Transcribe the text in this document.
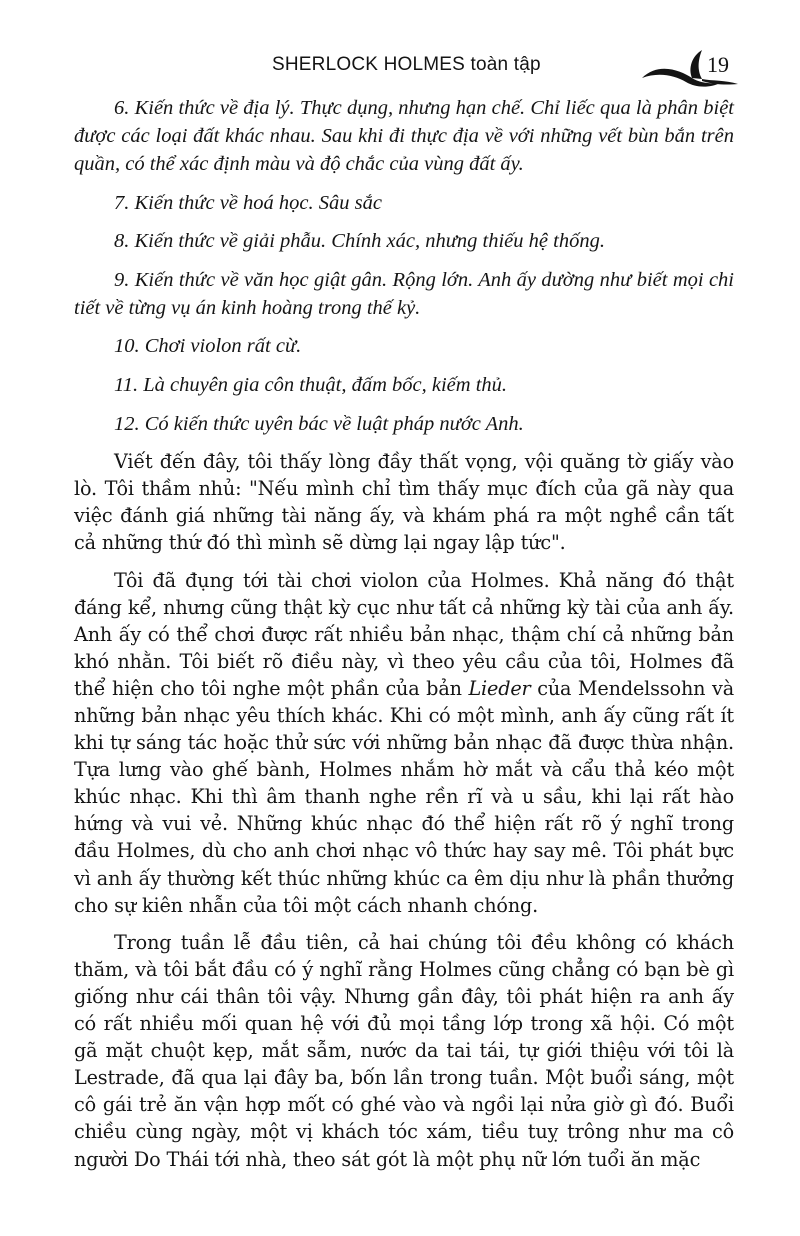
SHERLOCK HOLMES toàn tập	19
6. Kiến thức về địa lý. Thực dụng, nhưng hạn chế. Chỉ liếc qua là phân biệt được các loại đất khác nhau. Sau khi đi thực địa về với những vết bùn bắn trên quần, có thể xác định màu và độ chắc của vùng đất ấy.
7. Kiến thức về hoá học. Sâu sắc
8. Kiến thức về giải phẫu. Chính xác, nhưng thiếu hệ thống.
9. Kiến thức về văn học giật gân. Rộng lớn. Anh ấy dường như biết mọi chi tiết về từng vụ án kinh hoàng trong thế kỷ.
10. Chơi violon rất cừ.
11. Là chuyên gia côn thuật, đấm bốc, kiếm thủ.
12. Có kiến thức uyên bác về luật pháp nước Anh.

Viết đến đây, tôi thấy lòng đầy thất vọng, vội quăng tờ giấy vào lò. Tôi thầm nhủ: "Nếu mình chỉ tìm thấy mục đích của gã này qua việc đánh giá những tài năng ấy, và khám phá ra một nghề cần tất cả những thứ đó thì mình sẽ dừng lại ngay lập tức".

Tôi đã đụng tới tài chơi violon của Holmes. Khả năng đó thật đáng kể, nhưng cũng thật kỳ cục như tất cả những kỳ tài của anh ấy. Anh ấy có thể chơi được rất nhiều bản nhạc, thậm chí cả những bản khó nhằn. Tôi biết rõ điều này, vì theo yêu cầu của tôi, Holmes đã thể hiện cho tôi nghe một phần của bản Lieder của Mendelssohn và những bản nhạc yêu thích khác. Khi có một mình, anh ấy cũng rất ít khi tự sáng tác hoặc thử sức với những bản nhạc đã được thừa nhận. Tựa lưng vào ghế bành, Holmes nhắm hờ mắt và cẩu thả kéo một khúc nhạc. Khi thì âm thanh nghe rền rĩ và u sầu, khi lại rất hào hứng và vui vẻ. Những khúc nhạc đó thể hiện rất rõ ý nghĩ trong đầu Holmes, dù cho anh chơi nhạc vô thức hay say mê. Tôi phát bực vì anh ấy thường kết thúc những khúc ca êm dịu như là phần thưởng cho sự kiên nhẫn của tôi một cách nhanh chóng.

Trong tuần lễ đầu tiên, cả hai chúng tôi đều không có khách thăm, và tôi bắt đầu có ý nghĩ rằng Holmes cũng chẳng có bạn bè gì giống như cái thân tôi vậy. Nhưng gần đây, tôi phát hiện ra anh ấy có rất nhiều mối quan hệ với đủ mọi tầng lớp trong xã hội. Có một gã mặt chuột kẹp, mắt sẫm, nước da tai tái, tự giới thiệu với tôi là Lestrade, đã qua lại đây ba, bốn lần trong tuần. Một buổi sáng, một cô gái trẻ ăn vận hợp mốt có ghé vào và ngồi lại nửa giờ gì đó. Buổi chiều cùng ngày, một vị khách tóc xám, tiều tuỵ trông như ma cô người Do Thái tới nhà, theo sát gót là một phụ nữ lớn tuổi ăn mặc
